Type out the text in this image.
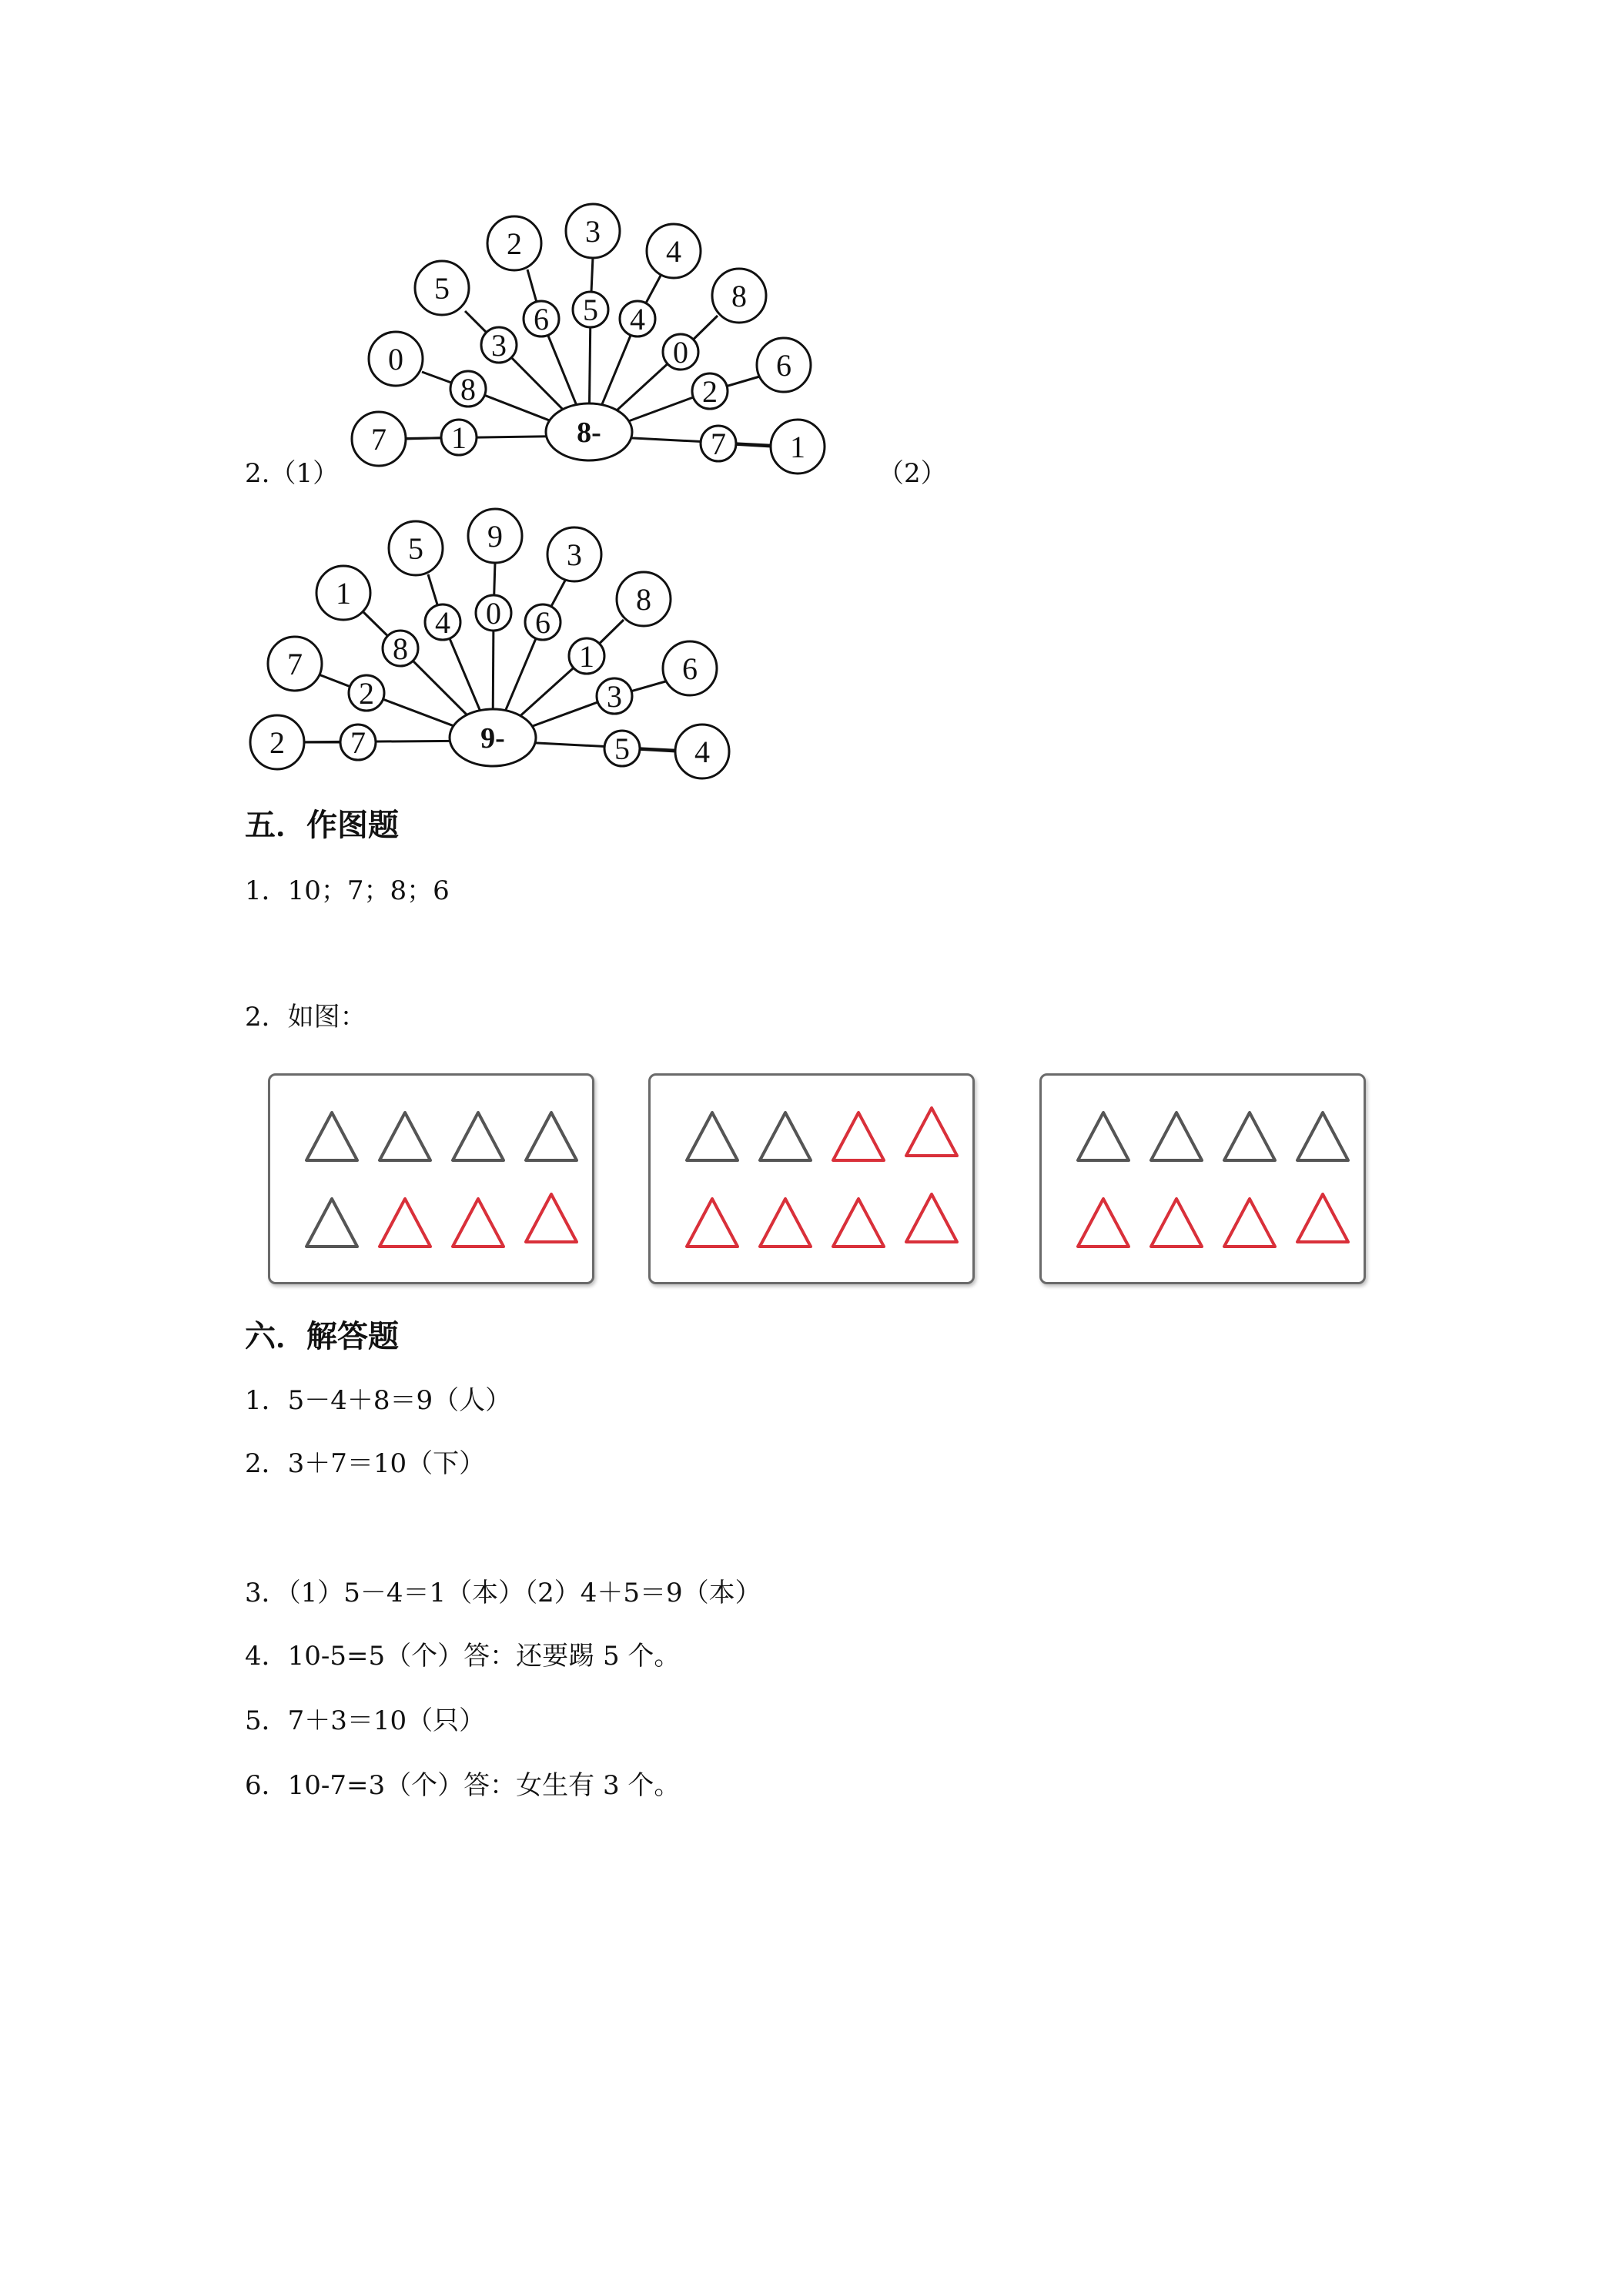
2.（1）	（2）
1
8
3
6 5 4
0
2
7
7
0
5
2 3
4
8
6
1
8-
7
2
8
4 0 6
1
3
5
2
7
1
5 9
3
8
6
4
9-
五．作图题
1．10；7；8；6
2．如图：
六．解答题
1．5－4＋8＝9（人）
2．3＋7＝10（下）
3．（1）5－4＝1（本）（2）4＋5＝9（本）
4．10-5=5（个）答：还要踢 5 个。
5．7＋3＝10（只）
6．10-7=3（个）答：女生有 3 个。
